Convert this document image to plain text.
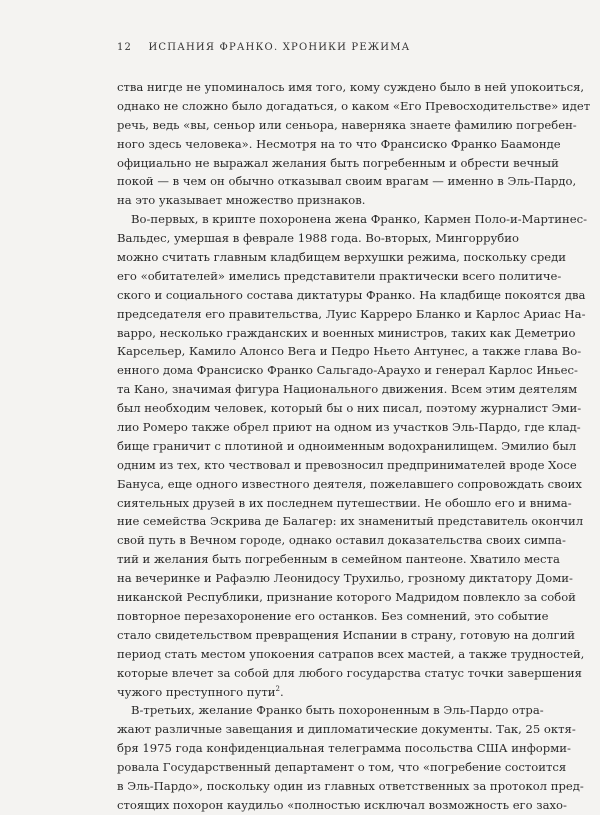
12 ИСПАНИЯ ФРАНКО. ХРОНИКИ РЕЖИМА
ства нигде не упоминалось имя того, кому суждено было в ней упокоиться,
однако не сложно было догадаться, о каком «Его Превосходительстве» идет
речь, ведь «вы, сеньор или сеньора, наверняка знаете фамилию погребен-
ного здесь человека». Несмотря на то что Франсиско Франко Баамонде
официально не выражал желания быть погребенным и обрести вечный
покой — в чем он обычно отказывал своим врагам — именно в Эль-Пардо,
на это указывает множество признаков.
Во-первых, в крипте похоронена жена Франко, Кармен Поло-и-Мартинес-
Вальдес, умершая в феврале 1988 года. Во-вторых, Мингоррубио
можно считать главным кладбищем верхушки режима, поскольку среди
его «обитателей» имелись представители практически всего политиче-
ского и социального состава диктатуры Франко. На кладбище покоятся два
председателя его правительства, Луис Карреро Бланко и Карлос Ариас На-
варро, несколько гражданских и военных министров, таких как Деметрио
Карсельер, Камило Алонсо Вега и Педро Ньето Антунес, а также глава Во-
енного дома Франсиско Франко Сальгадо-Араухо и генерал Карлос Иньес-
та Кано, значимая фигура Национального движения. Всем этим деятелям
был необходим человек, который бы о них писал, поэтому журналист Эми-
лио Ромеро также обрел приют на одном из участков Эль-Пардо, где клад-
бище граничит с плотиной и одноименным водохранилищем. Эмилио был
одним из тех, кто чествовал и превозносил предпринимателей вроде Хосе
Бануса, еще одного известного деятеля, пожелавшего сопровождать своих
сиятельных друзей в их последнем путешествии. Не обошло его и внима-
ние семейства Эскрива де Балагер: их знаменитый представитель окончил
свой путь в Вечном городе, однако оставил доказательства своих симпа-
тий и желания быть погребенным в семейном пантеоне. Хватило места
на вечеринке и Рафаэлю Леонидосу Трухильо, грозному диктатору Доми-
никанской Республики, признание которого Мадридом повлекло за собой
повторное перезахоронение его останков. Без сомнений, это событие
стало свидетельством превращения Испании в страну, готовую на долгий
период стать местом упокоения сатрапов всех мастей, а также трудностей,
которые влечет за собой для любого государства статус точки завершения
чужого преступного пути$^2$.
В-третьих, желание Франко быть похороненным в Эль-Пардо отра-
жают различные завещания и дипломатические документы. Так, 25 октя-
бря 1975 года конфиденциальная телеграмма посольства США информи-
ровала Государственный департамент о том, что «погребение состоится
в Эль-Пардо», поскольку один из главных ответственных за протокол пред-
стоящих похорон каудильо «полностью исключал возможность его захо-
